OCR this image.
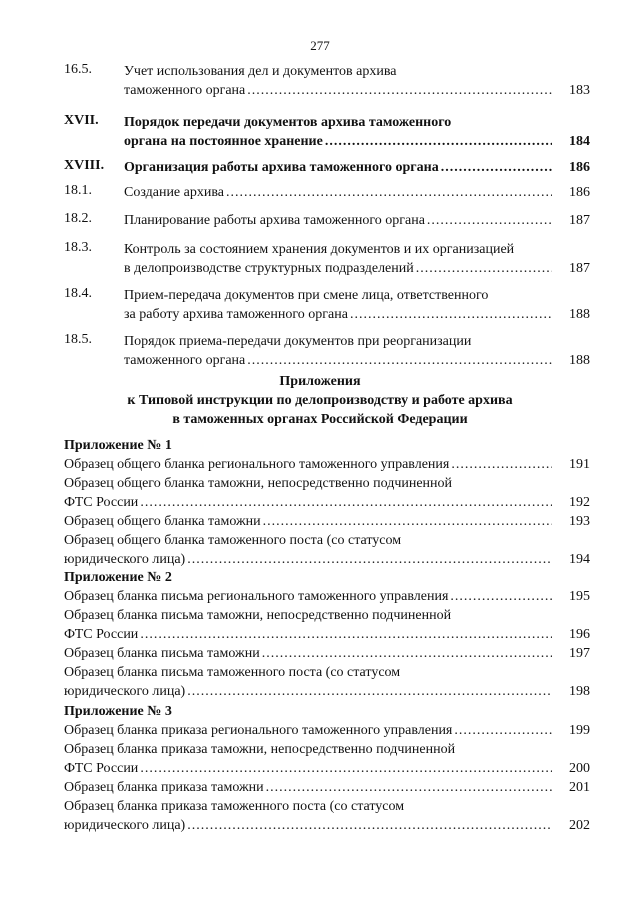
277
16.5.	Учет использования дел и документов архива
таможенного органа .....	183
XVII.	Порядок передачи документов архива таможенного
органа на постоянное хранение .....	184
XVIII.	Организация работы архива таможенного органа .....	186
18.1.	Создание архива .....	186
18.2.	Планирование работы архива таможенного органа .....	187
18.3.	Контроль за состоянием хранения документов и их организацией
в делопроизводстве структурных подразделений .....	187
18.4.	Прием-передача документов при смене лица, ответственного
за работу архива таможенного органа .....	188
18.5.	Порядок приема-передачи документов при реорганизации
таможенного органа .....	188
Приложения
к Типовой инструкции по делопроизводству и работе архива
в таможенных органах Российской Федерации
Приложение № 1
Образец общего бланка регионального таможенного управления .....	191
Образец общего бланка таможни, непосредственно подчиненной
ФТС России .....	192
Образец общего бланка таможни .....	193
Образец общего бланка таможенного поста (со статусом
юридического лица) .....	194
Приложение № 2
Образец бланка письма регионального таможенного управления .....	195
Образец бланка письма таможни, непосредственно подчиненной
ФТС России .....	196
Образец бланка письма таможни .....	197
Образец бланка письма таможенного поста (со статусом
юридического лица) .....	198
Приложение № 3
Образец бланка приказа регионального таможенного управления .....	199
Образец бланка приказа таможни, непосредственно подчиненной
ФТС России .....	200
Образец бланка приказа таможни .....	201
Образец бланка приказа таможенного поста (со статусом
юридического лица) .....	202
